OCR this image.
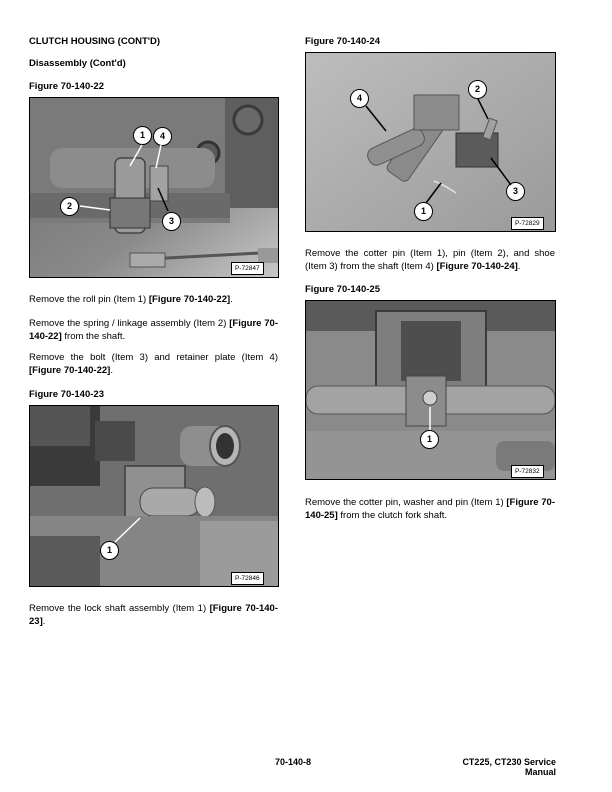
CLUTCH HOUSING (CONT'D)
Disassembly (Cont'd)
Figure 70-140-22
1	4
2
3
P-72847
Remove the roll pin (Item 1) [Figure 70-140-22].
Remove the spring / linkage assembly (Item 2) [Figure 70-140-22] from the shaft.
Remove the bolt (Item 3) and retainer plate (Item 4) [Figure 70-140-22].
Figure 70-140-23
1
P-72846
Remove the lock shaft assembly (Item 1) [Figure 70-140-23].
Figure 70-140-24
4
2
3
1
P-72829
Remove the cotter pin (Item 1), pin (Item 2), and shoe (Item 3) from the shaft (Item 4) [Figure 70-140-24].
Figure 70-140-25
1
P-72832
Remove the cotter pin, washer and pin (Item 1) [Figure 70-140-25] from the clutch fork shaft.
70-140-8	CT225, CT230 Service Manual
